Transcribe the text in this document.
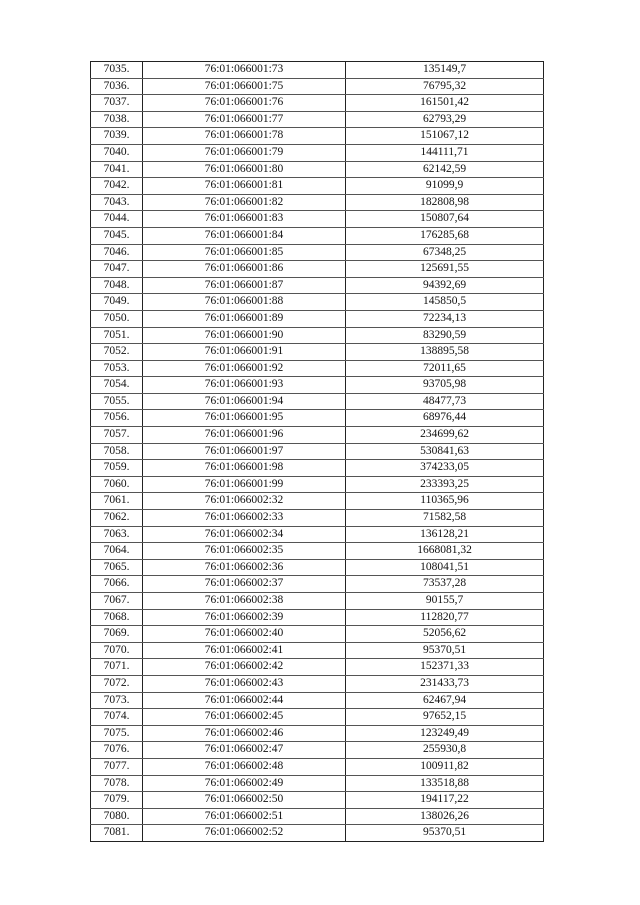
7035.	76:01:066001:73	135149,7
7036.	76:01:066001:75	76795,32
7037.	76:01:066001:76	161501,42
7038.	76:01:066001:77	62793,29
7039.	76:01:066001:78	151067,12
7040.	76:01:066001:79	144111,71
7041.	76:01:066001:80	62142,59
7042.	76:01:066001:81	91099,9
7043.	76:01:066001:82	182808,98
7044.	76:01:066001:83	150807,64
7045.	76:01:066001:84	176285,68
7046.	76:01:066001:85	67348,25
7047.	76:01:066001:86	125691,55
7048.	76:01:066001:87	94392,69
7049.	76:01:066001:88	145850,5
7050.	76:01:066001:89	72234,13
7051.	76:01:066001:90	83290,59
7052.	76:01:066001:91	138895,58
7053.	76:01:066001:92	72011,65
7054.	76:01:066001:93	93705,98
7055.	76:01:066001:94	48477,73
7056.	76:01:066001:95	68976,44
7057.	76:01:066001:96	234699,62
7058.	76:01:066001:97	530841,63
7059.	76:01:066001:98	374233,05
7060.	76:01:066001:99	233393,25
7061.	76:01:066002:32	110365,96
7062.	76:01:066002:33	71582,58
7063.	76:01:066002:34	136128,21
7064.	76:01:066002:35	1668081,32
7065.	76:01:066002:36	108041,51
7066.	76:01:066002:37	73537,28
7067.	76:01:066002:38	90155,7
7068.	76:01:066002:39	112820,77
7069.	76:01:066002:40	52056,62
7070.	76:01:066002:41	95370,51
7071.	76:01:066002:42	152371,33
7072.	76:01:066002:43	231433,73
7073.	76:01:066002:44	62467,94
7074.	76:01:066002:45	97652,15
7075.	76:01:066002:46	123249,49
7076.	76:01:066002:47	255930,8
7077.	76:01:066002:48	100911,82
7078.	76:01:066002:49	133518,88
7079.	76:01:066002:50	194117,22
7080.	76:01:066002:51	138026,26
7081.	76:01:066002:52	95370,51
